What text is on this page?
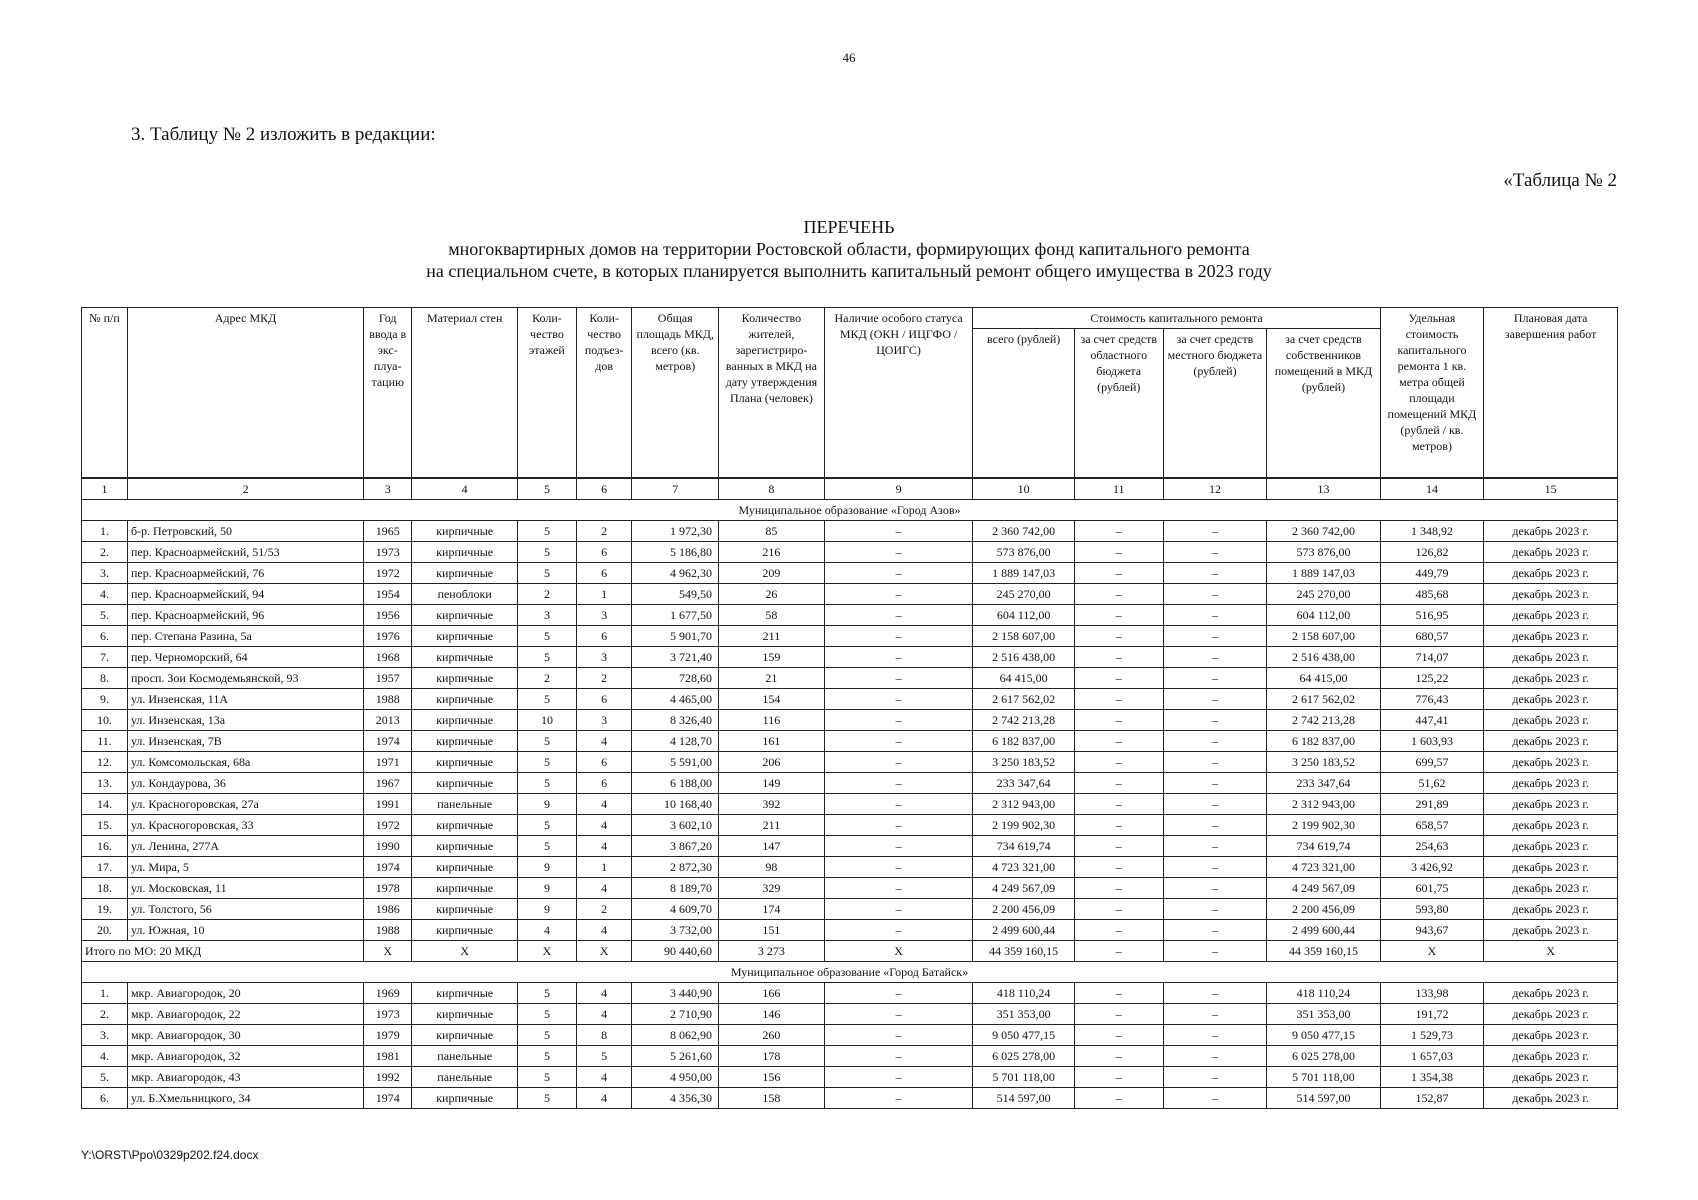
46
3. Таблицу № 2 изложить в редакции:
«Таблица № 2
ПЕРЕЧЕНЬ
многоквартирных домов на территории Ростовской области, формирующих фонд капитального ремонта
на специальном счете, в которых планируется выполнить капитальный ремонт общего имущества в 2023 году
№ п/п	Адрес МКД	Год ввода в экс-плуа-тацию	Материал стен	Коли-чество этажей	Коли-чество подъез-дов	Общая площадь МКД, всего (кв. метров)	Количество жителей, зарегистриро-ванных в МКД на дату утверждения Плана (человек)	Наличие особого статуса МКД (ОКН / ИЦГФО / ЦОИГС)	Стоимость капитального ремонта				Удельная стоимость капитального ремонта 1 кв. метра общей площади помещений МКД (рублей / кв. метров)	Плановая дата завершения работ
									всего (рублей)	за счет средств областного бюджета (рублей)	за счет средств местного бюджета (рублей)	за счет средств собственников помещений в МКД (рублей)		
1	2	3	4	5	6	7	8	9	10	11	12	13	14	15
Муниципальное образование «Город Азов»														
1.	б-р. Петровский, 50	1965	кирпичные	5	2	1 972,30	85	–	2 360 742,00	–	–	2 360 742,00	1 348,92	декабрь 2023 г.
2.	пер. Красноармейский, 51/53	1973	кирпичные	5	6	5 186,80	216	–	573 876,00	–	–	573 876,00	126,82	декабрь 2023 г.
3.	пер. Красноармейский, 76	1972	кирпичные	5	6	4 962,30	209	–	1 889 147,03	–	–	1 889 147,03	449,79	декабрь 2023 г.
4.	пер. Красноармейский, 94	1954	пеноблоки	2	1	549,50	26	–	245 270,00	–	–	245 270,00	485,68	декабрь 2023 г.
5.	пер. Красноармейский, 96	1956	кирпичные	3	3	1 677,50	58	–	604 112,00	–	–	604 112,00	516,95	декабрь 2023 г.
6.	пер. Степана Разина, 5а	1976	кирпичные	5	6	5 901,70	211	–	2 158 607,00	–	–	2 158 607,00	680,57	декабрь 2023 г.
7.	пер. Черноморский, 64	1968	кирпичные	5	3	3 721,40	159	–	2 516 438,00	–	–	2 516 438,00	714,07	декабрь 2023 г.
8.	просп. Зои Космодемьянской, 93	1957	кирпичные	2	2	728,60	21	–	64 415,00	–	–	64 415,00	125,22	декабрь 2023 г.
9.	ул. Инзенская, 11А	1988	кирпичные	5	6	4 465,00	154	–	2 617 562,02	–	–	2 617 562,02	776,43	декабрь 2023 г.
10.	ул. Инзенская, 13а	2013	кирпичные	10	3	8 326,40	116	–	2 742 213,28	–	–	2 742 213,28	447,41	декабрь 2023 г.
11.	ул. Инзенская, 7В	1974	кирпичные	5	4	4 128,70	161	–	6 182 837,00	–	–	6 182 837,00	1 603,93	декабрь 2023 г.
12.	ул. Комсомольская, 68а	1971	кирпичные	5	6	5 591,00	206	–	3 250 183,52	–	–	3 250 183,52	699,57	декабрь 2023 г.
13.	ул. Кондаурова, 36	1967	кирпичные	5	6	6 188,00	149	–	233 347,64	–	–	233 347,64	51,62	декабрь 2023 г.
14.	ул. Красногоровская, 27а	1991	панельные	9	4	10 168,40	392	–	2 312 943,00	–	–	2 312 943,00	291,89	декабрь 2023 г.
15.	ул. Красногоровская, 33	1972	кирпичные	5	4	3 602,10	211	–	2 199 902,30	–	–	2 199 902,30	658,57	декабрь 2023 г.
16.	ул. Ленина, 277А	1990	кирпичные	5	4	3 867,20	147	–	734 619,74	–	–	734 619,74	254,63	декабрь 2023 г.
17.	ул. Мира, 5	1974	кирпичные	9	1	2 872,30	98	–	4 723 321,00	–	–	4 723 321,00	3 426,92	декабрь 2023 г.
18.	ул. Московская, 11	1978	кирпичные	9	4	8 189,70	329	–	4 249 567,09	–	–	4 249 567,09	601,75	декабрь 2023 г.
19.	ул. Толстого, 56	1986	кирпичные	9	2	4 609,70	174	–	2 200 456,09	–	–	2 200 456,09	593,80	декабрь 2023 г.
20.	ул. Южная, 10	1988	кирпичные	4	4	3 732,00	151	–	2 499 600,44	–	–	2 499 600,44	943,67	декабрь 2023 г.
Итого по МО: 20 МКД		X	X	X	X	90 440,60	3 273	X	44 359 160,15	–	–	44 359 160,15	X	X
Муниципальное образование «Город Батайск»														
1.	мкр. Авиагородок, 20	1969	кирпичные	5	4	3 440,90	166	–	418 110,24	–	–	418 110,24	133,98	декабрь 2023 г.
2.	мкр. Авиагородок, 22	1973	кирпичные	5	4	2 710,90	146	–	351 353,00	–	–	351 353,00	191,72	декабрь 2023 г.
3.	мкр. Авиагородок, 30	1979	кирпичные	5	8	8 062,90	260	–	9 050 477,15	–	–	9 050 477,15	1 529,73	декабрь 2023 г.
4.	мкр. Авиагородок, 32	1981	панельные	5	5	5 261,60	178	–	6 025 278,00	–	–	6 025 278,00	1 657,03	декабрь 2023 г.
5.	мкр. Авиагородок, 43	1992	панельные	5	4	4 950,00	156	–	5 701 118,00	–	–	5 701 118,00	1 354,38	декабрь 2023 г.
6.	ул. Б.Хмельницкого, 34	1974	кирпичные	5	4	4 356,30	158	–	514 597,00	–	–	514 597,00	152,87	декабрь 2023 г.
Y:\ORST\Ppo\0329p202.f24.docx
